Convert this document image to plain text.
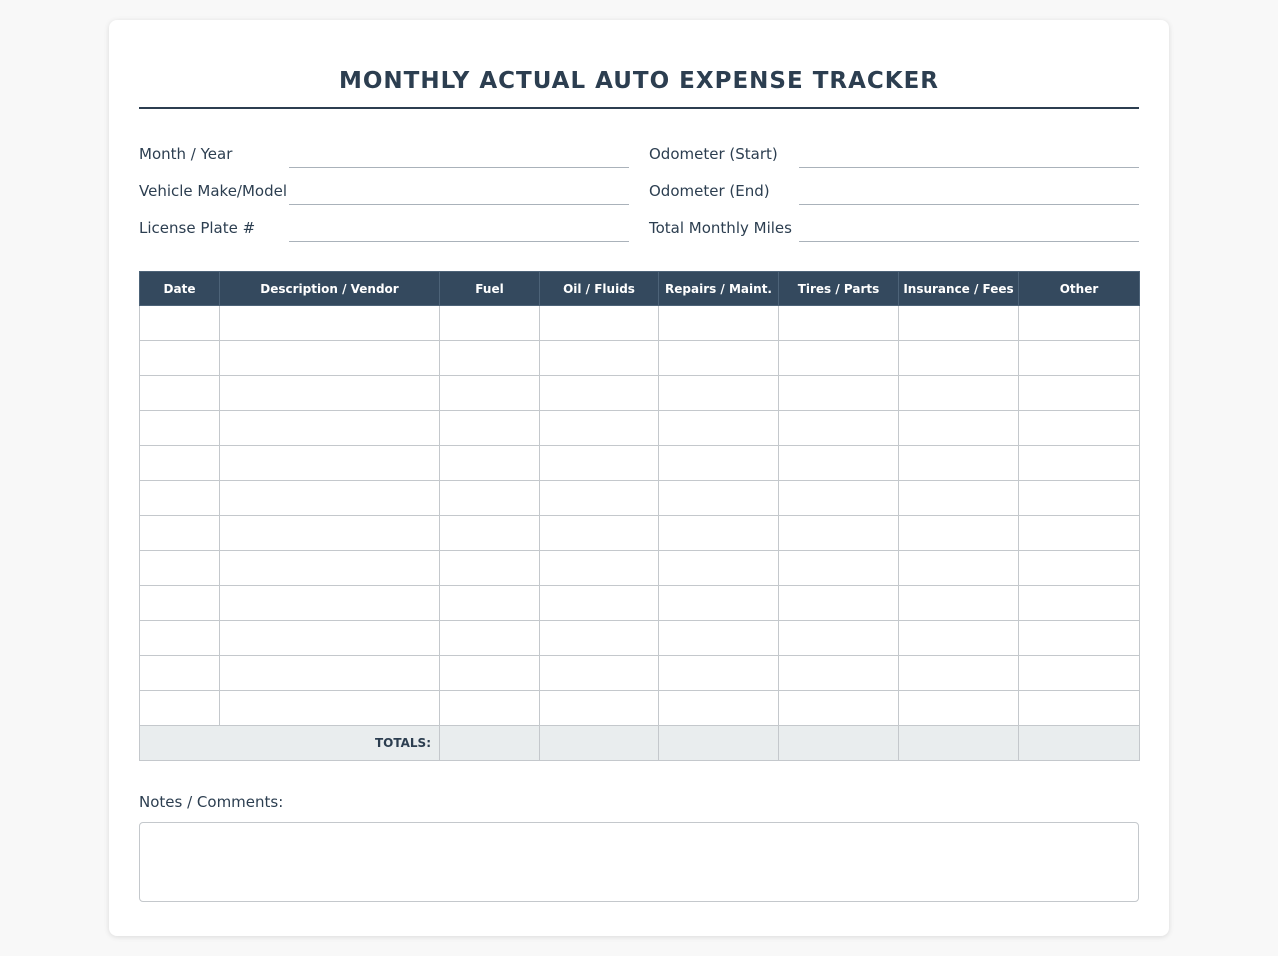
MONTHLY ACTUAL AUTO EXPENSE TRACKER
Month / Year
Vehicle Make/Model
License Plate #
Odometer (Start)
Odometer (End)
Total Monthly Miles
Date	Description / Vendor	Fuel	Oil / Fluids	Repairs / Maint.	Tires / Parts	Insurance / Fees	Other

TOTALS:							
Notes / Comments:
